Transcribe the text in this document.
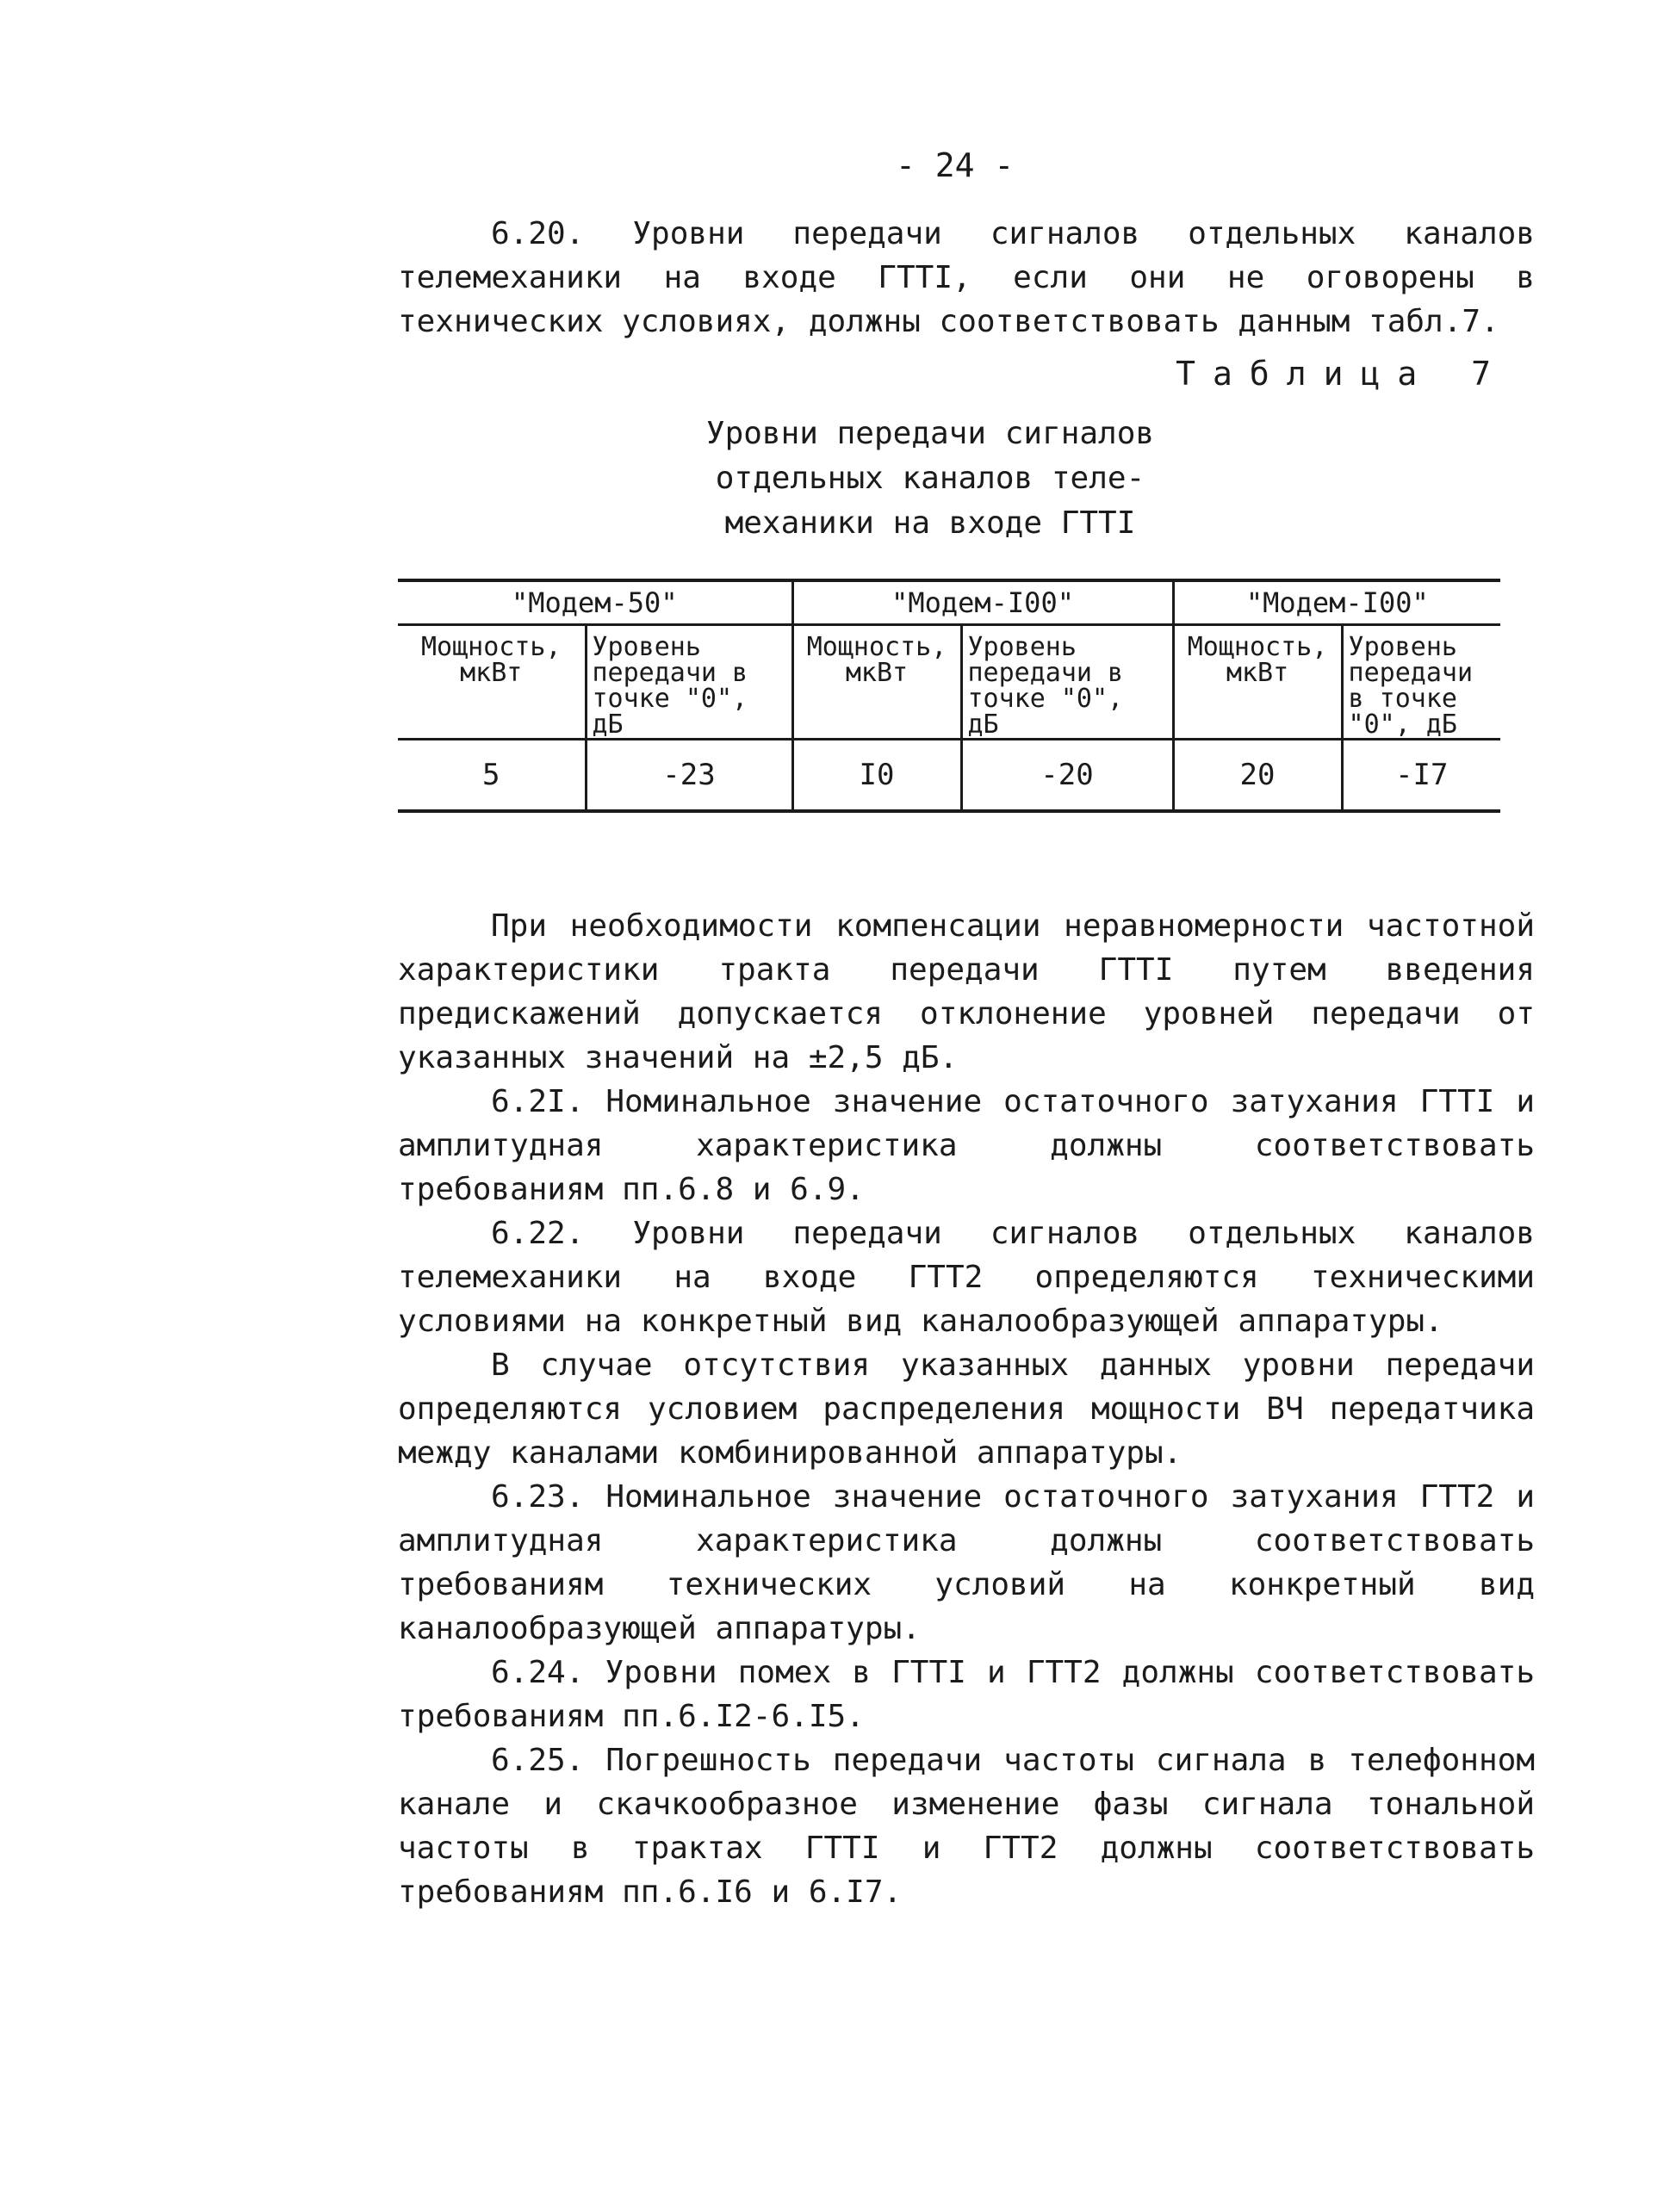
- 24 -

6.20. Уровни передачи сигналов отдельных каналов телемеханики на входе ГТТI, если они не оговорены в технических условиях, должны соответствовать данным табл.7.

Таблица 7
Уровни передачи сигналов
отдельных каналов теле-
механики на входе ГТТI
"Модем-50"		"Модем-I00"		"Модем-I00"	
Мощность, мкВт	Уровень передачи в точке "0", дБ	Мощность, мкВт	Уровень передачи в точке "0", дБ	Мощность, мкВт	Уровень передачи в точке "0", дБ
5	-23	I0	-20	20	-I7

При необходимости компенсации неравномерности частотной характеристики тракта передачи ГТТI путем введения предискажений допускается отклонение уровней передачи от указанных значений на ±2,5 дБ.

6.2I. Номинальное значение остаточного затухания ГТТI и амплитудная характеристика должны соответствовать требованиям пп.6.8 и 6.9.

6.22. Уровни передачи сигналов отдельных каналов телемеханики на входе ГТТ2 определяются техническими условиями на конкретный вид каналообразующей аппаратуры.

В случае отсутствия указанных данных уровни передачи определяются условием распределения мощности ВЧ передатчика между каналами комбинированной аппаратуры.

6.23. Номинальное значение остаточного затухания ГТТ2 и амплитудная характеристика должны соответствовать требованиям технических условий на конкретный вид каналообразующей аппаратуры.

6.24. Уровни помех в ГТТI и ГТТ2 должны соответствовать требованиям пп.6.I2-6.I5.

6.25. Погрешность передачи частоты сигнала в телефонном канале и скачкообразное изменение фазы сигнала тональной частоты в трактах ГТТI и ГТТ2 должны соответствовать требованиям пп.6.I6 и 6.I7.
